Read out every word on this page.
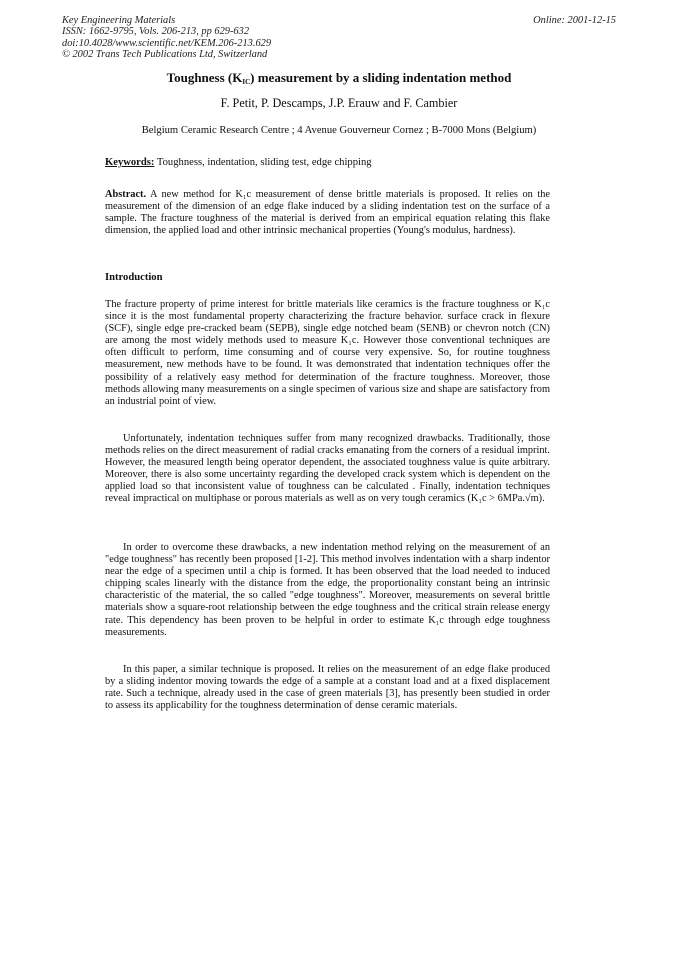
Key Engineering Materials
ISSN: 1662-9795, Vols. 206-213, pp 629-632
doi:10.4028/www.scientific.net/KEM.206-213.629
© 2002 Trans Tech Publications Ltd, Switzerland
Online: 2001-12-15
Toughness $(K_{IC})$ measurement by a sliding indentation method
F. Petit, P. Descamps, J.P. Erauw and F. Cambier
Belgium Ceramic Research Centre ; 4 Avenue Gouverneur Cornez ; B-7000 Mons (Belgium)
Keywords: Toughness, indentation, sliding test, edge chipping
Abstract. A new method for K₁c measurement of dense brittle materials is proposed. It relies on the measurement of the dimension of an edge flake induced by a sliding indentation test on the surface of a sample. The fracture toughness of the material is derived from an empirical equation relating this flake dimension, the applied load and other intrinsic mechanical properties (Young's modulus, hardness).
Introduction
The fracture property of prime interest for brittle materials like ceramics is the fracture toughness or K₁c since it is the most fundamental property characterizing the fracture behavior. surface crack in flexure (SCF), single edge pre-cracked beam (SEPB), single edge notched beam (SENB) or chevron notch (CN) are among the most widely methods used to measure K₁c. However those conventional techniques are often difficult to perform, time consuming and of course very expensive. So, for routine toughness measurement, new methods have to be found. It was demonstrated that indentation techniques offer the possibility of a relatively easy method for determination of the fracture toughness. Moreover, those methods allowing many measurements on a single specimen of various size and shape are satisfactory from an industrial point of view.
Unfortunately, indentation techniques suffer from many recognized drawbacks. Traditionally, those methods relies on the direct measurement of radial cracks emanating from the corners of a residual imprint. However, the measured length being operator dependent, the associated toughness value is quite arbitrary. Moreover, there is also some uncertainty regarding the developed crack system which is dependent on the applied load so that inconsistent value of toughness can be calculated . Finally, indentation techniques reveal impractical on multiphase or porous materials as well as on very tough ceramics (K₁c > 6MPa.√m).
In order to overcome these drawbacks, a new indentation method relying on the measurement of an "edge toughness" has recently been proposed [1-2]. This method involves indentation with a sharp indentor near the edge of a specimen until a chip is formed. It has been observed that the load needed to induced chipping scales linearly with the distance from the edge, the proportionality constant being an intrinsic characteristic of the material, the so called "edge toughness". Moreover, measurements on several brittle materials show a square-root relationship between the edge toughness and the critical strain release energy rate. This dependency has been proven to be helpful in order to estimate K₁c through edge toughness measurements.
In this paper, a similar technique is proposed. It relies on the measurement of an edge flake produced by a sliding indentor moving towards the edge of a sample at a constant load and at a fixed displacement rate. Such a technique, already used in the case of green materials [3], has presently been studied in order to assess its applicability for the toughness determination of dense ceramic materials.
